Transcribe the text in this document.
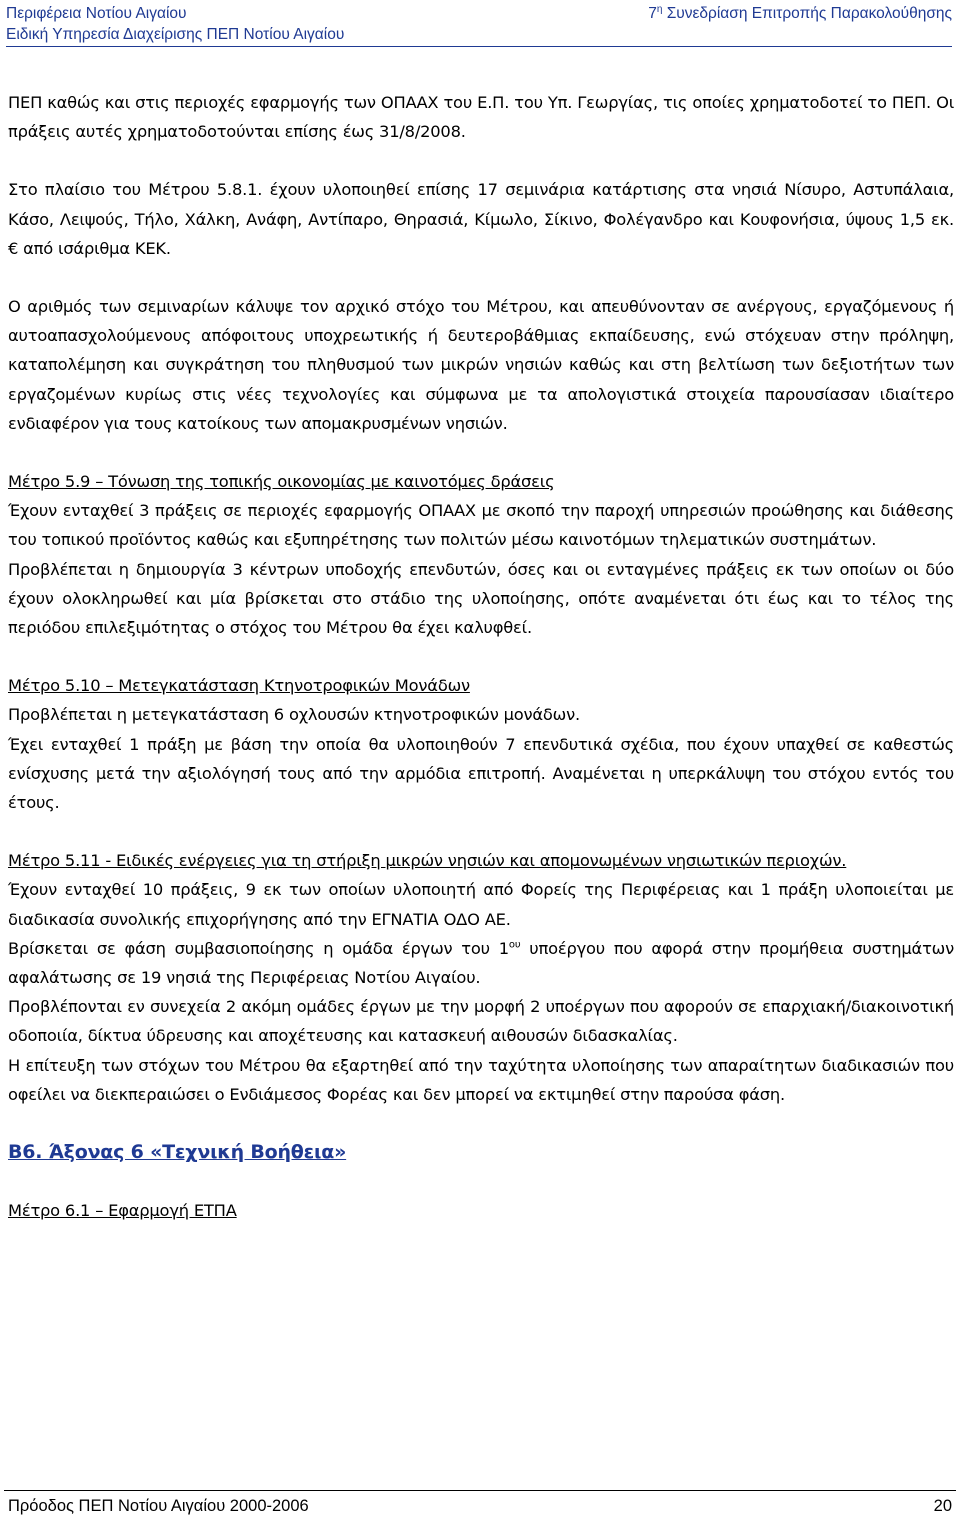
Περιφέρεια Νοτίου Αιγαίου
Ειδική Υπηρεσία Διαχείρισης ΠΕΠ Νοτίου Αιγαίου
$7^\eta$ Συνεδρίαση Επιτροπής Παρακολούθησης

ΠΕΠ καθώς και στις περιοχές εφαρμογής των ΟΠΑΑΧ του Ε.Π. του Υπ. Γεωργίας, τις οποίες χρηματοδοτεί το ΠΕΠ. Οι πράξεις αυτές χρηματοδοτούνται επίσης έως 31/8/2008.

Στο πλαίσιο του Μέτρου 5.8.1. έχουν υλοποιηθεί επίσης 17 σεμινάρια κατάρτισης στα νησιά Νίσυρο, Αστυπάλαια, Κάσο, Λειψούς, Τήλο, Χάλκη, Ανάφη, Αντίπαρο, Θηρασιά, Κίμωλο, Σίκινο, Φολέγανδρο και Κουφονήσια, ύψους 1,5 εκ. € από ισάριθμα ΚΕΚ.

Ο αριθμός των σεμιναρίων κάλυψε τον αρχικό στόχο του Μέτρου, και απευθύνονταν σε ανέργους, εργαζόμενους ή αυτοαπασχολούμενους απόφοιτους υποχρεωτικής ή δευτεροβάθμιας εκπαίδευσης, ενώ στόχευαν στην πρόληψη, καταπολέμηση και συγκράτηση του πληθυσμού των μικρών νησιών καθώς και στη βελτίωση των δεξιοτήτων των εργαζομένων κυρίως στις νέες τεχνολογίες και σύμφωνα με τα απολογιστικά στοιχεία παρουσίασαν ιδιαίτερο ενδιαφέρον για τους κατοίκους των απομακρυσμένων νησιών.

Μέτρο 5.9 – Τόνωση της τοπικής οικονομίας με καινοτόμες δράσεις

Έχουν ενταχθεί 3 πράξεις σε περιοχές εφαρμογής ΟΠΑΑΧ με σκοπό την παροχή υπηρεσιών προώθησης και διάθεσης του τοπικού προϊόντος καθώς και εξυπηρέτησης των πολιτών μέσω καινοτόμων τηλεματικών συστημάτων.

Προβλέπεται η δημιουργία 3 κέντρων υποδοχής επενδυτών, όσες και οι ενταγμένες πράξεις εκ των οποίων οι δύο έχουν ολοκληρωθεί και μία βρίσκεται στο στάδιο της υλοποίησης, οπότε αναμένεται ότι έως και το τέλος της περιόδου επιλεξιμότητας ο στόχος του Μέτρου θα έχει καλυφθεί.

Μέτρο 5.10 – Μετεγκατάσταση Κτηνοτροφικών Μονάδων

Προβλέπεται η μετεγκατάσταση 6 οχλουσών κτηνοτροφικών μονάδων.

Έχει ενταχθεί 1 πράξη με βάση την οποία θα υλοποιηθούν 7 επενδυτικά σχέδια, που έχουν υπαχθεί σε καθεστώς ενίσχυσης μετά την αξιολόγησή τους από την αρμόδια επιτροπή. Αναμένεται η υπερκάλυψη του στόχου εντός του έτους.

Μέτρο 5.11 - Ειδικές ενέργειες για τη στήριξη μικρών νησιών και απομονωμένων νησιωτικών περιοχών.

Έχουν ενταχθεί 10 πράξεις, 9 εκ των οποίων υλοποιητή από Φορείς της Περιφέρειας και 1 πράξη υλοποιείται με διαδικασία συνολικής επιχορήγησης από την ΕΓΝΑΤΙΑ ΟΔΟ ΑΕ.

Βρίσκεται σε φάση συμβασιοποίησης η ομάδα έργων του $1^{o\upsilon}$ υποέργου που αφορά στην προμήθεια συστημάτων αφαλάτωσης σε 19 νησιά της Περιφέρειας Νοτίου Αιγαίου.

Προβλέπονται εν συνεχεία 2 ακόμη ομάδες έργων με την μορφή 2 υποέργων που αφορούν σε επαρχιακή/διακοινοτική οδοποιία, δίκτυα ύδρευσης και αποχέτευσης και κατασκευή αιθουσών διδασκαλίας.

Η επίτευξη των στόχων του Μέτρου θα εξαρτηθεί από την ταχύτητα υλοποίησης των απαραίτητων διαδικασιών που οφείλει να διεκπεραιώσει ο Ενδιάμεσος Φορέας και δεν μπορεί να εκτιμηθεί στην παρούσα φάση.

Β6. Άξονας 6 «Τεχνική Βοήθεια»

Μέτρο 6.1 – Εφαρμογή ΕΤΠΑ

Πρόοδος ΠΕΠ Νοτίου Αιγαίου 2000-2006	20
